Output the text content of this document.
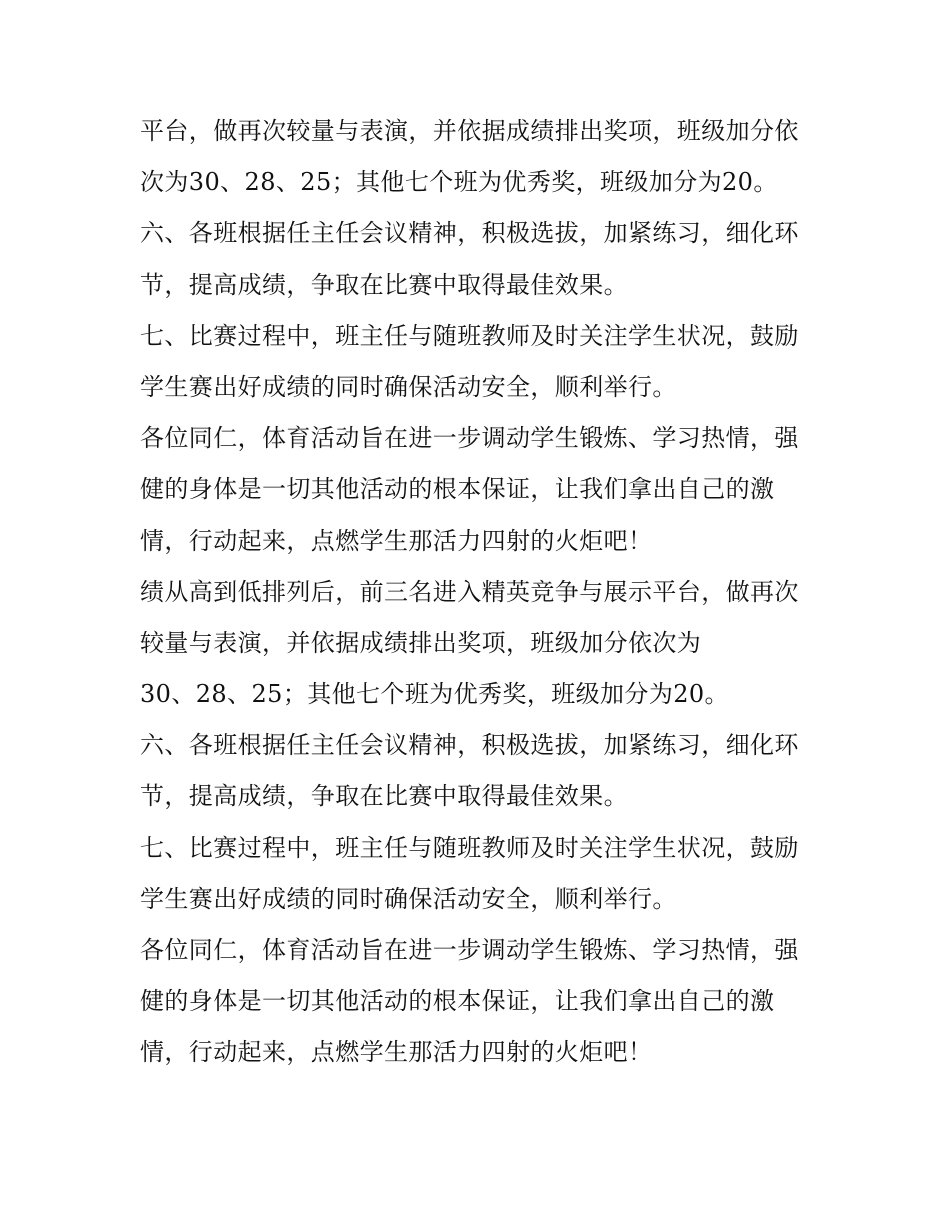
平台，做再次较量与表演，并依据成绩排出奖项，班级加分依
次为30、28、25；其他七个班为优秀奖，班级加分为20。
六、各班根据任主任会议精神，积极选拔，加紧练习，细化环
节，提高成绩，争取在比赛中取得最佳效果。
七、比赛过程中，班主任与随班教师及时关注学生状况，鼓励
学生赛出好成绩的同时确保活动安全，顺利举行。
各位同仁，体育活动旨在进一步调动学生锻炼、学习热情，强
健的身体是一切其他活动的根本保证，让我们拿出自己的激
情，行动起来，点燃学生那活力四射的火炬吧！
绩从高到低排列后，前三名进入精英竞争与展示平台，做再次
较量与表演，并依据成绩排出奖项，班级加分依次为
30、28、25；其他七个班为优秀奖，班级加分为20。
六、各班根据任主任会议精神，积极选拔，加紧练习，细化环
节，提高成绩，争取在比赛中取得最佳效果。
七、比赛过程中，班主任与随班教师及时关注学生状况，鼓励
学生赛出好成绩的同时确保活动安全，顺利举行。
各位同仁，体育活动旨在进一步调动学生锻炼、学习热情，强
健的身体是一切其他活动的根本保证，让我们拿出自己的激
情，行动起来，点燃学生那活力四射的火炬吧！
